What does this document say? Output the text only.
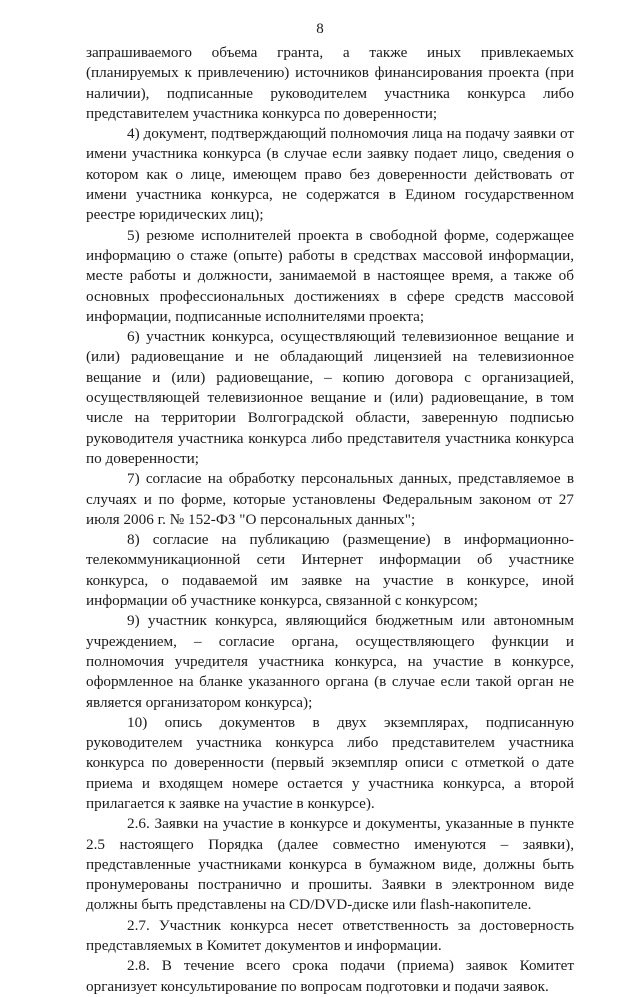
8

запрашиваемого объема гранта, а также иных привлекаемых (планируемых к привлечению) источников финансирования проекта (при наличии), подписанные руководителем участника конкурса либо представителем участника конкурса по доверенности;

4) документ, подтверждающий полномочия лица на подачу заявки от имени участника конкурса (в случае если заявку подает лицо, сведения о котором как о лице, имеющем право без доверенности действовать от имени участника конкурса, не содержатся в Едином государственном реестре юридических лиц);

5) резюме исполнителей проекта в свободной форме, содержащее информацию о стаже (опыте) работы в средствах массовой информации, месте работы и должности, занимаемой в настоящее время, а также об основных профессиональных достижениях в сфере средств массовой информации, подписанные исполнителями проекта;

6) участник конкурса, осуществляющий телевизионное вещание и (или) радиовещание и не обладающий лицензией на телевизионное вещание и (или) радиовещание, – копию договора с организацией, осуществляющей телевизионное вещание и (или) радиовещание, в том числе на территории Волгоградской области, заверенную подписью руководителя участника конкурса либо представителя участника конкурса по доверенности;

7) согласие на обработку персональных данных, представляемое в случаях и по форме, которые установлены Федеральным законом от 27 июля 2006 г. № 152-ФЗ "О персональных данных";

8) согласие на публикацию (размещение) в информационно-телекоммуникационной сети Интернет информации об участнике конкурса, о подаваемой им заявке на участие в конкурсе, иной информации об участнике конкурса, связанной с конкурсом;

9) участник конкурса, являющийся бюджетным или автономным учреждением, – согласие органа, осуществляющего функции и полномочия учредителя участника конкурса, на участие в конкурсе, оформленное на бланке указанного органа (в случае если такой орган не является организатором конкурса);

10) опись документов в двух экземплярах, подписанную руководителем участника конкурса либо представителем участника конкурса по доверенности (первый экземпляр описи с отметкой о дате приема и входящем номере остается у участника конкурса, а второй прилагается к заявке на участие в конкурсе).

2.6. Заявки на участие в конкурсе и документы, указанные в пункте 2.5 настоящего Порядка (далее совместно именуются – заявки), представленные участниками конкурса в бумажном виде, должны быть пронумерованы постранично и прошиты. Заявки в электронном виде должны быть представлены на CD/DVD-диске или flash-накопителе.

2.7. Участник конкурса несет ответственность за достоверность представляемых в Комитет документов и информации.

2.8. В течение всего срока подачи (приема) заявок Комитет организует консультирование по вопросам подготовки и подачи заявок.
